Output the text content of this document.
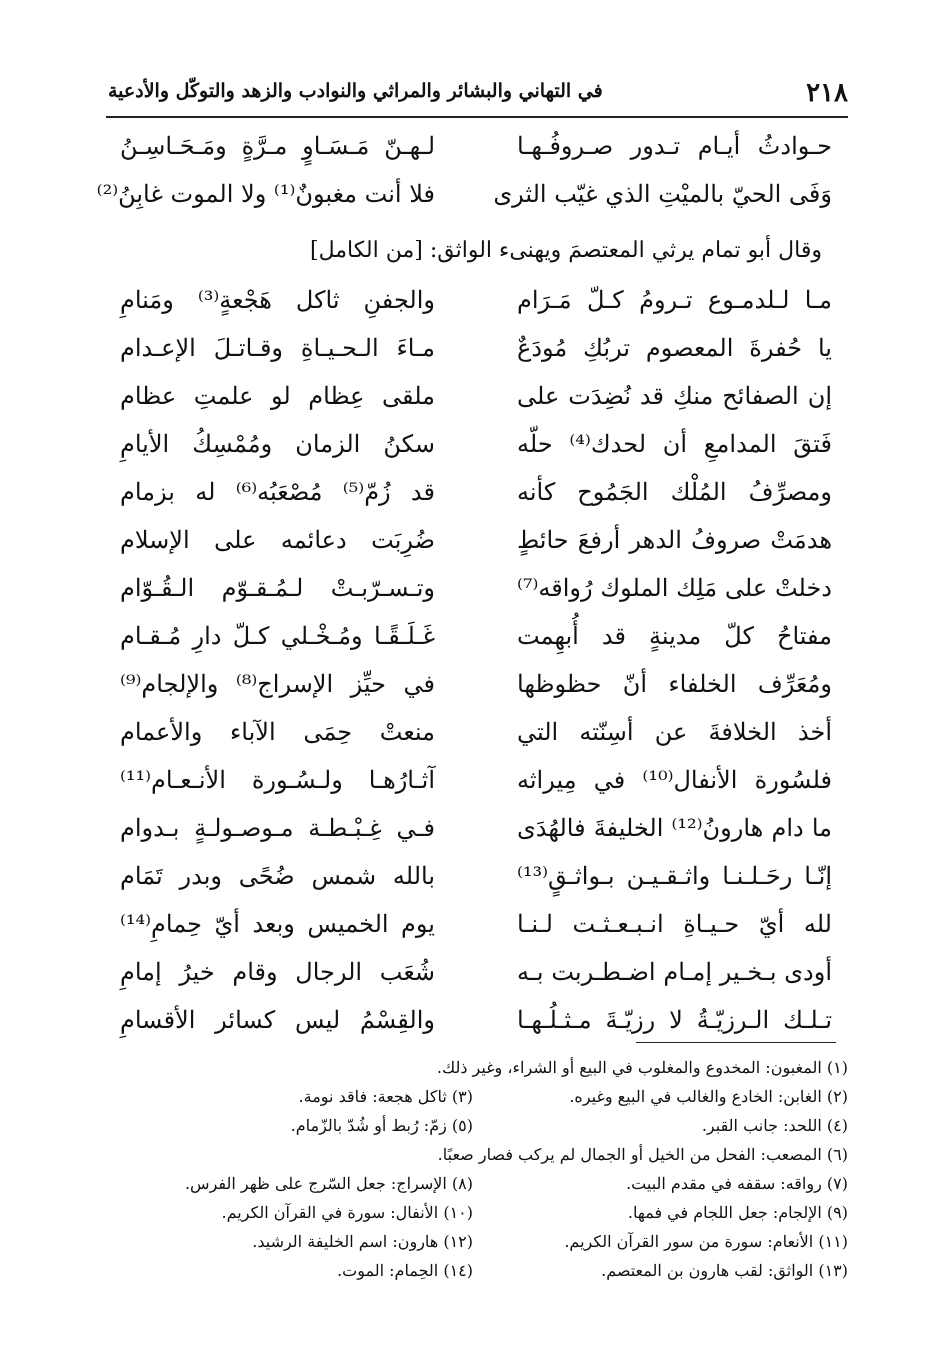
٢١٨
في التهاني والبشائر والمراثي والنوادب والزهد والتوكّل والأدعية
حـوادثُ أيـام تـدور صـروفُـهـا
لـهـنّ مَـسَـاوٍ مـرَّةٍ ومَـحَـاسِـنُ
وَفَى الحيّ بالميْتِ الذي غيّب الثرى
فلا أنت مغبونٌ⁽¹⁾ ولا الموت غابِنُ⁽²⁾
وقال أبو تمام يرثي المعتصمَ ويهنىء الواثق: [من الكامل]
مـا لـلدمـوع تـرومُ كـلّ مَـرَام
والجفنِ ثاكل هَجْعةٍ⁽³⁾ ومَنامِ
يا حُفرةَ المعصوم تربُكِ مُودَعٌ
مـاءَ الـحـيـاةِ وقـاتـلَ الإعـدام
إن الصفائح منكِ قد نُضِدَت على
ملقى عِظام لو علمتِ عظام
فَتقَ المدامعِ أن لحدك⁽⁴⁾ حلّه
سكنُ الزمان ومُمْسِكُ الأيامِ
ومصرِّفُ المُلْك الجَمُوح كأنه
قد زُمّ⁽⁵⁾ مُصْعَبُه⁽⁶⁾ له بزمام
هدمَتْ صروفُ الدهر أرفعَ حائطٍ
ضُرِبَت دعائمه على الإسلام
دخلتْ على مَلِك الملوك رُواقه⁽⁷⁾
وتـسـرّبـتْ لـمُـقـوّم الـقُـوّام
مفتاحُ كلّ مدينةٍ قد أُبهِمت
غَـلَـقًـا ومُـخْـلي كـلّ دارِ مُـقـام
ومُعَرِّف الخلفاء أنّ حظوظها
في حيِّز الإسراج⁽⁸⁾ والإلجام⁽⁹⁾
أخذ الخلافةَ عن أسِنّته التي
منعتْ حِمَى الآباء والأعمام
فلسُورة الأنفال⁽¹⁰⁾ في مِيراثه
آثـارُهـا ولـسُـورة الأنـعـام⁽¹¹⁾
ما دام هارونُ⁽¹²⁾ الخليفةَ فالهُدَى
فـي غِـبْـطـة مـوصـولـةٍ بـدوام
إنّـا رحَـلـنـا واثـقـيـن بـواثـقٍ⁽¹³⁾
بالله شمس ضُحًى وبدر تَمَام
لله أيّ حـيـاةِ انـبـعـثـت لـنـا
يوم الخميس وبعد أيّ حِمامِ⁽¹⁴⁾
أودى بـخـير إمـام اضـطـربت بـه
شُعَب الرجال وقام خيرُ إمامِ
تـلـك الـرزيّـةُ لا رزيّـةَ مـثـلُـهـا
والقِسْمُ ليس كسائر الأقسامِ
(١) المغبون: المخدوع والمغلوب في البيع أو الشراء، وغير ذلك.
(٢) الغابن: الخادع والغالب في البيع وغيره.
(٣) ثاكل هجعة: فاقد نومة.
(٤) اللحد: جانب القبر.
(٥) زمّ: رُبط أو شُدّ بالزّمام.
(٦) المصعب: الفحل من الخيل أو الجمال لم يركب فصار صعبًا.
(٧) رواقه: سقفه في مقدم البيت.
(٨) الإسراج: جعل السّرج على ظهر الفرس.
(٩) الإلجام: جعل اللجام في فمها.
(١٠) الأنفال: سورة في القرآن الكريم.
(١١) الأنعام: سورة من سور القرآن الكريم.
(١٢) هارون: اسم الخليفة الرشيد.
(١٣) الواثق: لقب هارون بن المعتصم.
(١٤) الحِمام: الموت.
